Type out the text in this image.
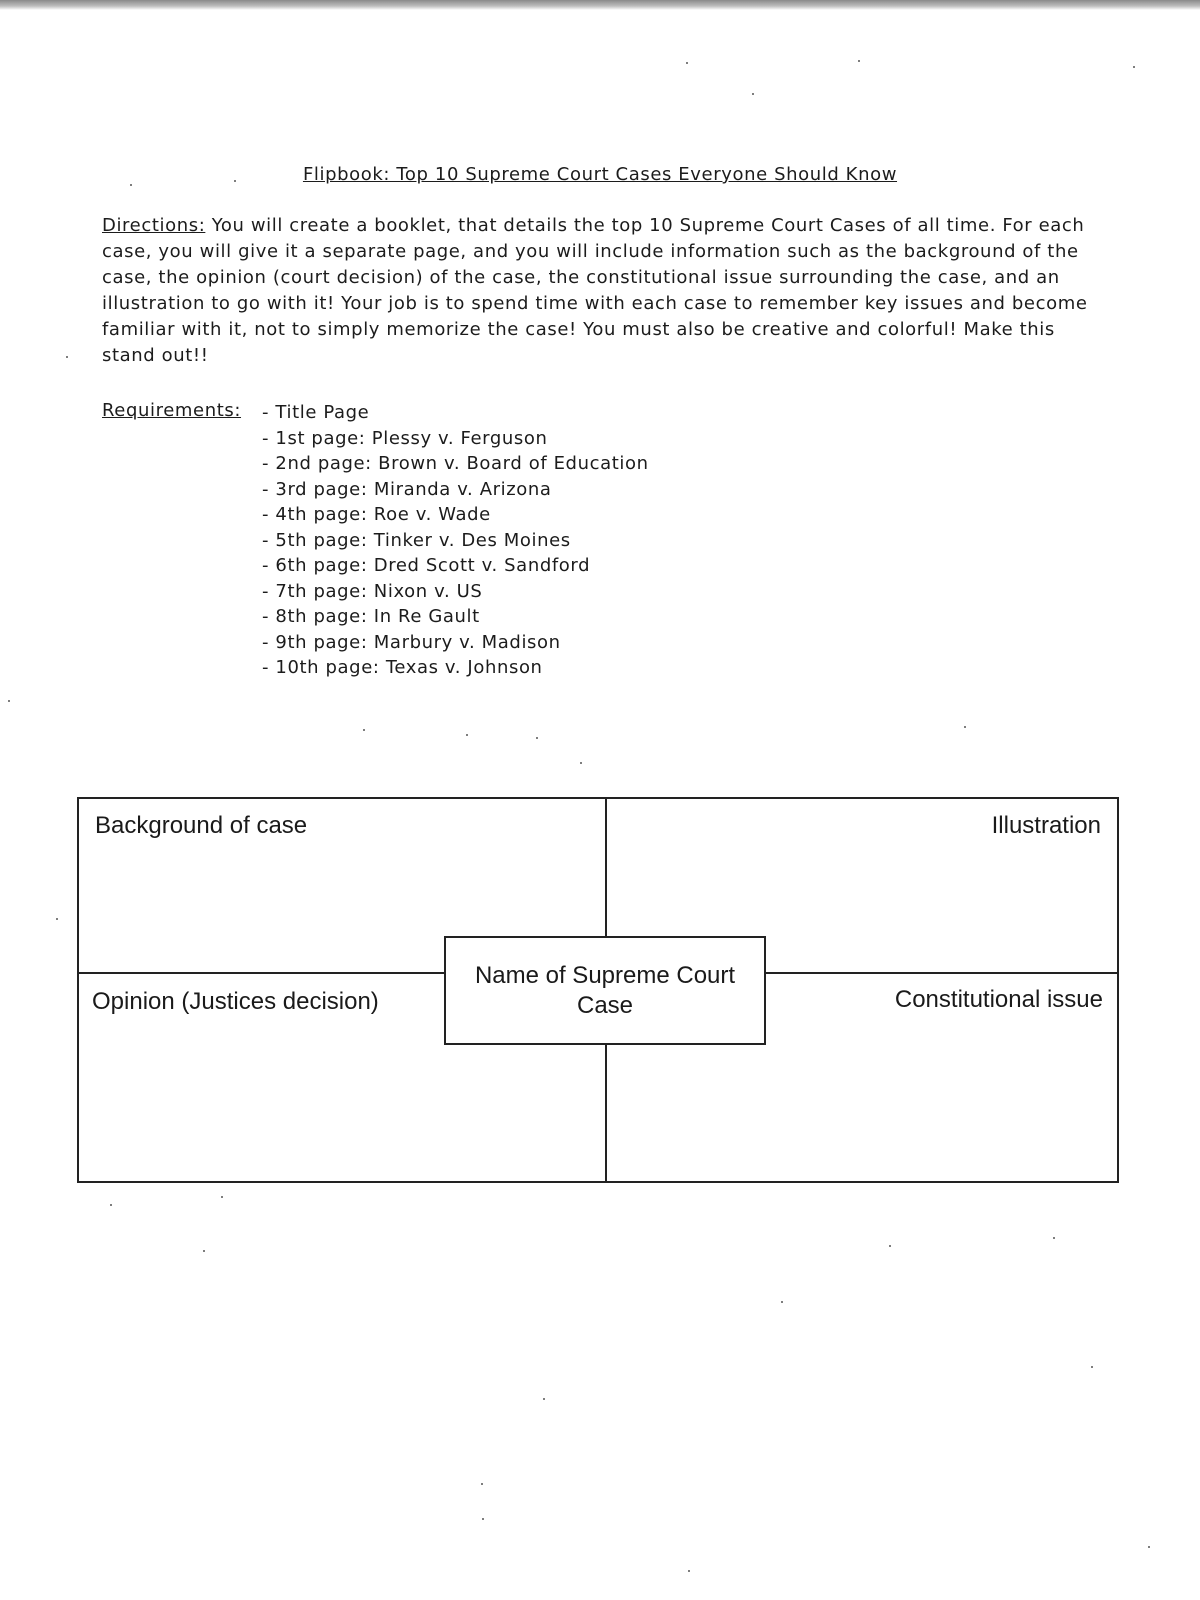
Flipbook: Top 10 Supreme Court Cases Everyone Should Know

Directions: You will create a booklet, that details the top 10 Supreme Court Cases of all time. For each case, you will give it a separate page, and you will include information such as the background of the case, the opinion (court decision) of the case, the constitutional issue surrounding the case, and an illustration to go with it! Your job is to spend time with each case to remember key issues and become familiar with it, not to simply memorize the case! You must also be creative and colorful! Make this stand out!!

Requirements:
-	Title Page
- 1st page: Plessy v. Ferguson
- 2nd page: Brown v. Board of Education
- 3rd page: Miranda v. Arizona
- 4th page: Roe v. Wade
- 5th page: Tinker v. Des Moines
- 6th page: Dred Scott v. Sandford
- 7th page: Nixon v. US
- 8th page: In Re Gault
- 9th page: Marbury v. Madison
- 10th page: Texas v. Johnson
Background of case	Illustration
Opinion (Justices decision)	Constitutional issue
Name of Supreme Court Case
